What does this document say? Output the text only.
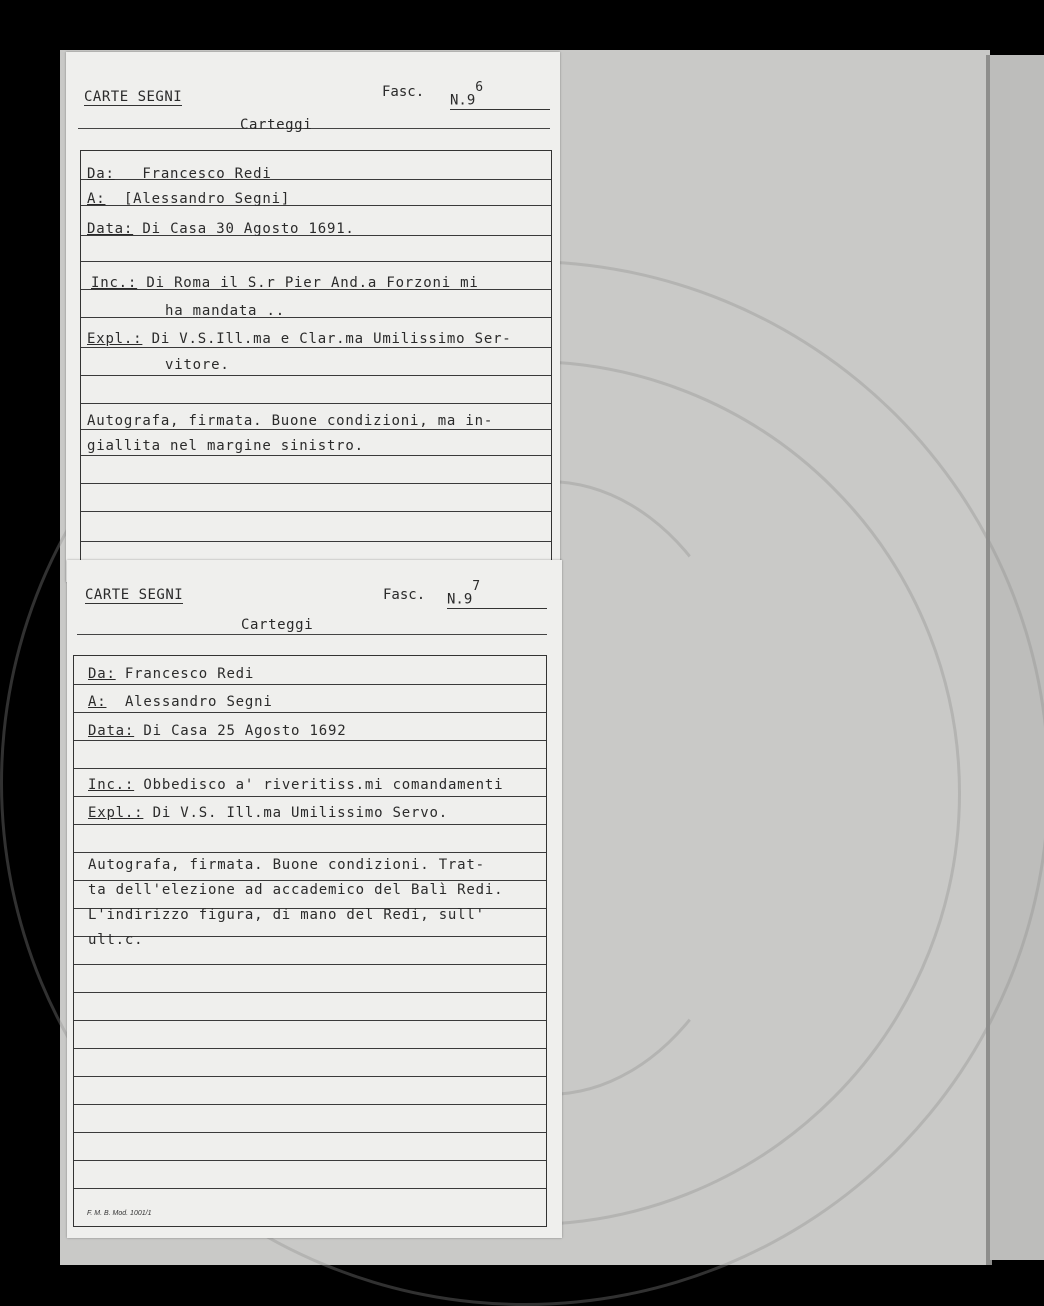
CARTE SEGNI	Fasc.
$N.9^6$
Carteggi
Da: Francesco Redi
A: [Alessandro Segni]
Data: Di Casa 30 Agosto 1691.
Inc.: Di Roma il S.r Pier And.a Forzoni mi
ha mandata ..
Expl.: Di V.S.Ill.ma e Clar.ma Umilissimo Ser-
vitore.
Autografa, firmata. Buone condizioni, ma in-
giallita nel margine sinistro.
CARTE SEGNI	Fasc. $N.9^7$
Carteggi
Da: Francesco Redi
A: Alessandro Segni
Data: Di Casa 25 Agosto 1692
Inc.: Obbedisco a' riveritiss.mi comandamenti
Expl.: Di V.S. Ill.ma Umilissimo Servo.
Autografa, firmata. Buone condizioni. Trat-
ta dell'elezione ad accademico del Balì Redi.
L'indirizzo figura, di mano del Redi, sull'
ult.c.
F. M. B. Mod. 1001/1
